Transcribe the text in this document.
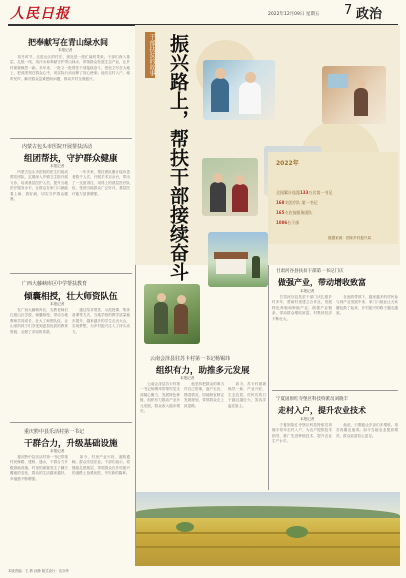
人民日报	2022年12月09日 星期五 7 政治
把奉献写在青山绿水间
本报记者
　　初冬时节，走进山区的村庄，到处是一派忙碌的景象。干部们深入基层，扎根一线，用汗水和奉献守护青山绿水，带领群众发展生态产业，让乡村面貌焕然一新。多年来，一批又一批帮扶干部接续奋斗，把论文写在大地上，把成绩刻在群众心中，用实际行动诠释了初心使命。他们走村入户，倾听民声，解决群众急难愁盼问题，推动乡村全面振兴。
内蒙古包头市医院开展帮扶活动
组团帮扶，守护群众健康
本报记者
　　内蒙古包头市医院的医生们组成帮扶团队，定期深入乡镇卫生院开展义诊，培训基层医护人员，提升当地医疗服务水平，让群众在家门口就能看上病、看好病，切实守护群众健康。
　　一年多来，帮扶团队累计接诊患者数千人次，开展手术百余台，带出了一支留得住、用得上的基层医疗队伍，受到当地群众广泛好评，基层医疗能力显著增强。
广西大藤峡库区中学帮扶教育
倾囊相授，壮大师资队伍
本报记者
　　在广西大藤峡库区，支教老师们扎根山区学校，倾囊相授，带动当地教师共同成长，壮大了师资队伍，让山里的孩子们享受到更加优质的教育资源，点燃了求知的希望。
　　通过结对帮扶、示范授课、集体备课等方式，当地学校的教学质量稳步提升，越来越多的学生走出大山，实现梦想，为乡村振兴注入了持久动力。
重庆黔中县乐活村第一书记
干群合力，升级基础设施
本报记者
　　重庆黔中县乐活村第一书记带领村民修路、建桥、通水，干群合力升级基础设施，村里的面貌发生了翻天覆地的变化，群众的生活越来越好，幸福感不断增强。
　　如今，村里产业兴旺，道路通畅，群众安居乐业。干部们表示，将继续扎根基层，带领群众在乡村振兴的道路上奋勇前进，书写新的篇章。
干部扶贫的故事 振兴路上，帮扶干部接续奋斗	2022年
全国累计选派133万名第一书记
168支医疗队 第一书记
165支农技服务团队
1086名干部
数据来源：国家乡村振兴局
云南会泽县驻苏卡村第一书记杨锡玮
组织有力，助推多元发展
本报记者
　　云南会泽县苏卡村第一书记杨锡玮带领村党支部凝心聚力，发展特色种植，组织有力推动产业多元发展，群众收入稳步增长。
　　他坚持把群众的事当作自己的事，逐户走访，摸清情况，因地制宜制定发展规划，带领群众走上致富路。
　　如今，苏卡村面貌焕然一新，产业兴旺、生态宜居，村民们的日子越过越红火，笑容洋溢在脸上。
甘肃河谷县扶贫干部第一书记门庆
做强产业，带动增收致富
本报记者
　　甘肃河谷县扶贫干部门庆扎根乡村多年，帮助村里建立合作社，发展特色养殖和种植产业，做强产业链条，带动群众增收致富，村集体经济不断壮大。
　　在他的带领下，越来越多的村民参与到产业发展中来，家门口就业让大家腰包鼓了起来，乡村振兴的路子越走越宽。
宁夏固原红寺堡区科技特派员刘晓丰
走村入户，提升农业技术
本报记者
　　宁夏固原红寺堡区科技特派员刘晓丰常年走村入户，为农户提供技术指导，推广先进种植技术，提升农业生产水平。
　　他说，只要能让乡亲们多增收，再苦再累也值得。如今当地农业提质增效，群众致富信心更足。
本版责编：王 倩 孙静 版式设计：沈亦伶
